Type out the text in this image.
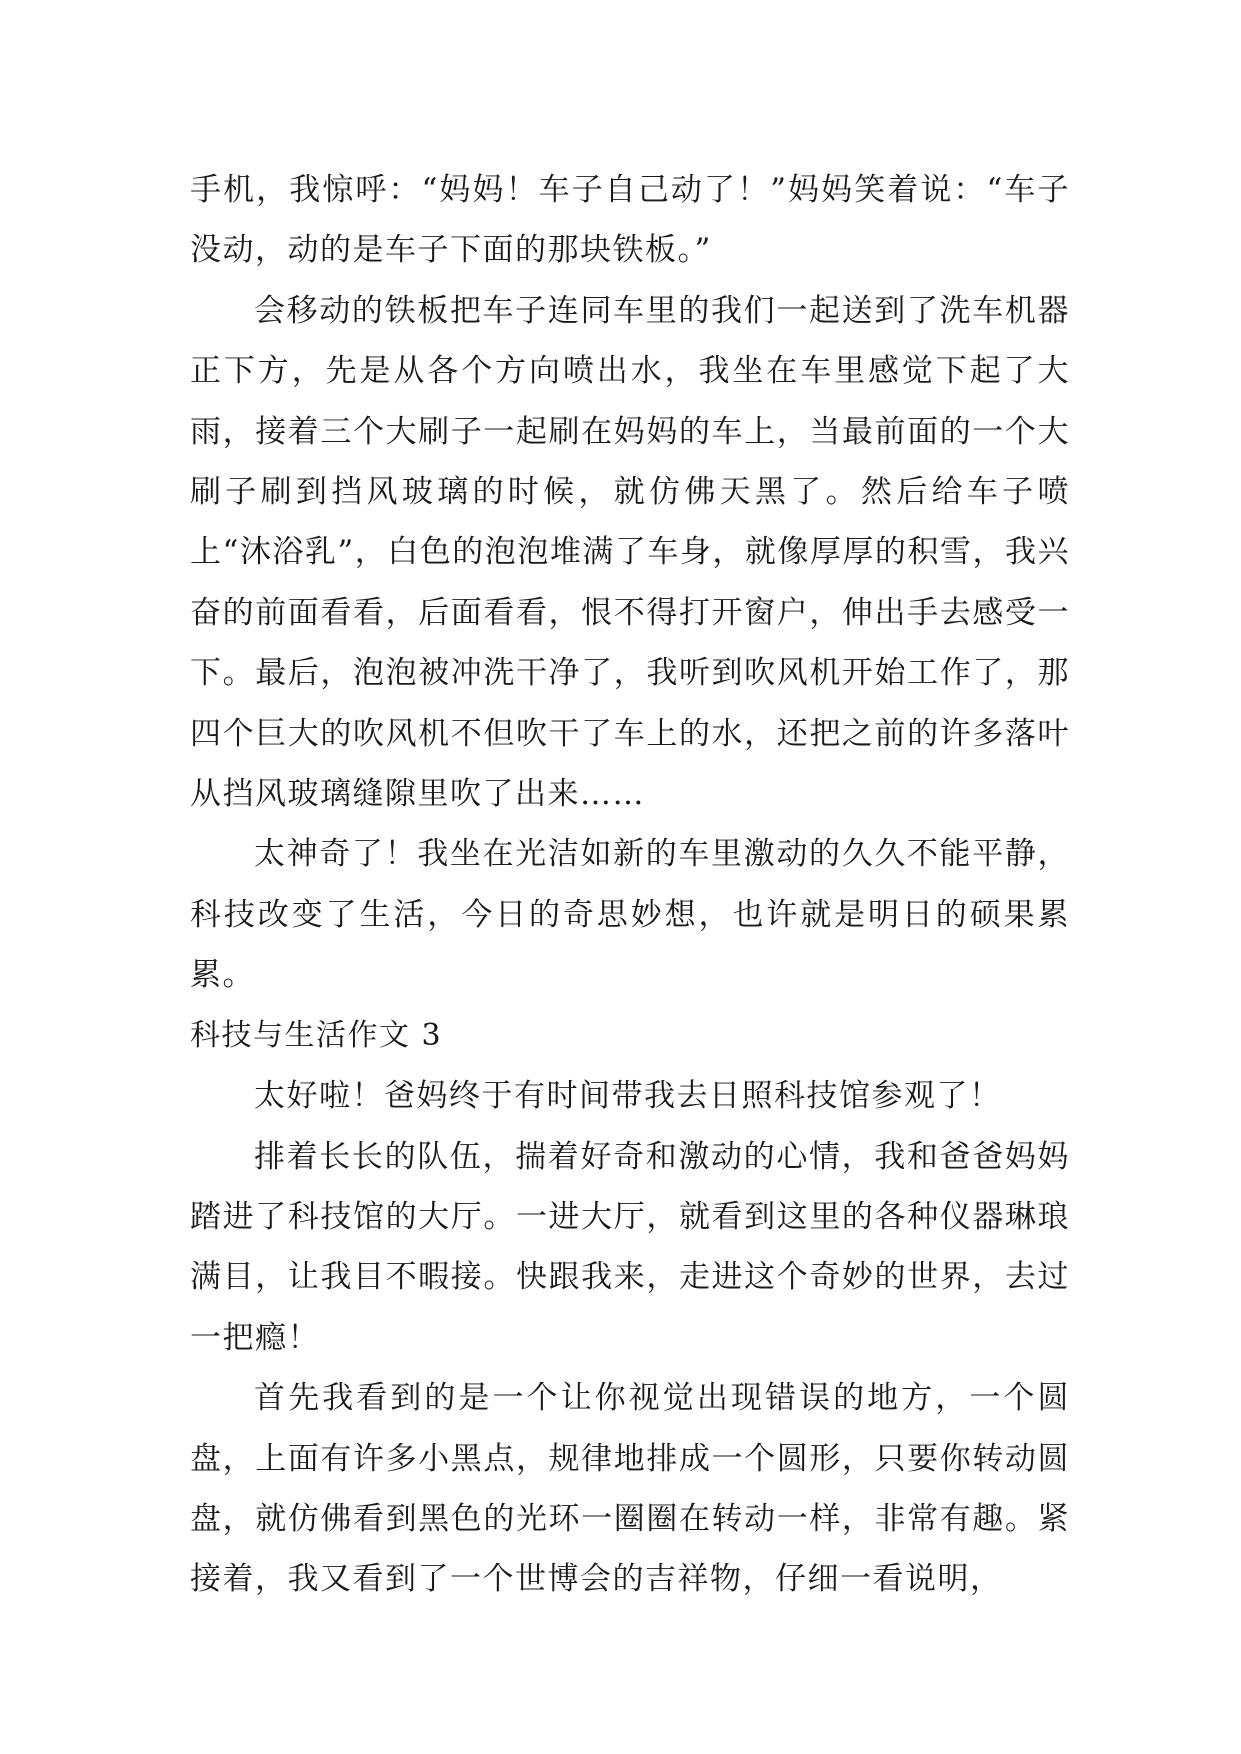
手机，我惊呼：“妈妈！车子自己动了！”妈妈笑着说：“车子没动，动的是车子下面的那块铁板。”

会移动的铁板把车子连同车里的我们一起送到了洗车机器正下方，先是从各个方向喷出水，我坐在车里感觉下起了大雨，接着三个大刷子一起刷在妈妈的车上，当最前面的一个大刷子刷到挡风玻璃的时候，就仿佛天黑了。然后给车子喷上“沐浴乳”，白色的泡泡堆满了车身，就像厚厚的积雪，我兴奋的前面看看，后面看看，恨不得打开窗户，伸出手去感受一下。最后，泡泡被冲洗干净了，我听到吹风机开始工作了，那四个巨大的吹风机不但吹干了车上的水，还把之前的许多落叶从挡风玻璃缝隙里吹了出来……

太神奇了！我坐在光洁如新的车里激动的久久不能平静，科技改变了生活，今日的奇思妙想，也许就是明日的硕果累累。

科技与生活作文 3

太好啦！爸妈终于有时间带我去日照科技馆参观了！

排着长长的队伍，揣着好奇和激动的心情，我和爸爸妈妈踏进了科技馆的大厅。一进大厅，就看到这里的各种仪器琳琅满目，让我目不暇接。快跟我来，走进这个奇妙的世界，去过一把瘾！

首先我看到的是一个让你视觉出现错误的地方，一个圆盘，上面有许多小黑点，规律地排成一个圆形，只要你转动圆盘，就仿佛看到黑色的光环一圈圈在转动一样，非常有趣。紧接着，我又看到了一个世博会的吉祥物，仔细一看说明，
